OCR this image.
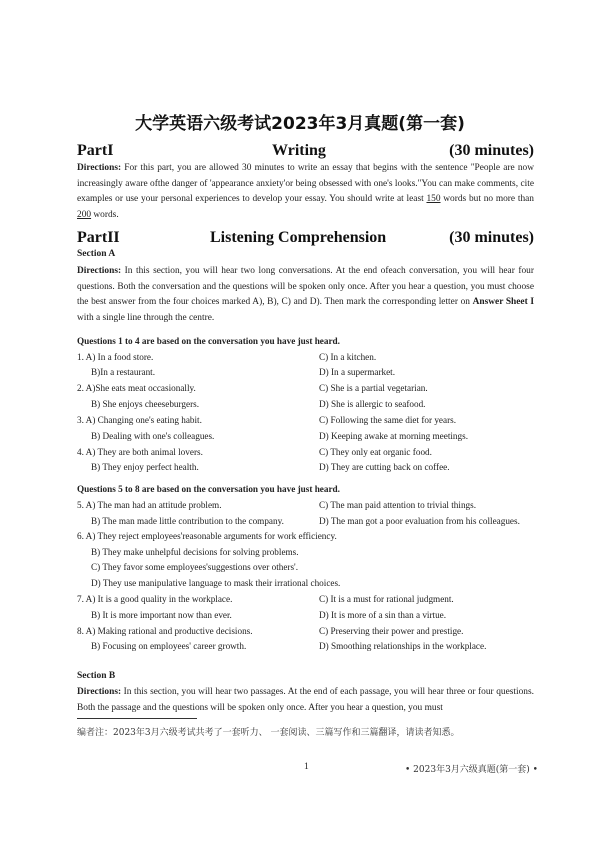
大学英语六级考试2023年3月真题(第一套)
PartI	Writing	(30 minutes)
Directions: For this part, you are allowed 30 minutes to write an essay that begins with the sentence "People are now increasingly aware ofthe danger of 'appearance anxiety'or being obsessed with one's looks."You can make comments, cite examples or use your personal experiences to develop your essay. You should write at least 150 words but no more than 200 words.
PartII	Listening Comprehension	(30 minutes)
Section A
Directions: In this section, you will hear two long conversations. At the end ofeach conversation, you will hear four questions. Both the conversation and the questions will be spoken only once. After you hear a question, you must choose the best answer from the four choices marked A), B), C) and D). Then mark the corresponding letter on Answer Sheet I with a single line through the centre.
Questions 1 to 4 are based on the conversation you have just heard.
1. A) In a food store.
B)In a restaurant.
C) In a kitchen.
D) In a supermarket.
2. A)She eats meat occasionally.
B) She enjoys cheeseburgers.
C) She is a partial vegetarian.
D) She is allergic to seafood.
3. A) Changing one's eating habit.
B) Dealing with one's colleagues.
C) Following the same diet for years.
D) Keeping awake at morning meetings.
4. A) They are both animal lovers.
B) They enjoy perfect health.
C) They only eat organic food.
D) They are cutting back on coffee.
Questions 5 to 8 are based on the conversation you have just heard.
5. A) The man had an attitude problem.	C) The man paid attention to trivial things.
B) The man made little contribution to the company.	D) The man got a poor evaluation from his colleagues.
6. A) They reject employees'reasonable arguments for work efficiency.
B) They make unhelpful decisions for solving problems.
C) They favor some employees'suggestions over others'.
D) They use manipulative language to mask their irrational choices.
7. A) It is a good quality in the workplace.
B) It is more important now than ever.
C) It is a must for rational judgment.
D) It is more of a sin than a virtue.
8. A) Making rational and productive decisions.
B) Focusing on employees' career growth.
C) Preserving their power and prestige.
D) Smoothing relationships in the workplace.
Section B
Directions: In this section, you will hear two passages. At the end of each passage, you will hear three or four questions. Both the passage and the questions will be spoken only once. After you hear a question, you must
编者注：2023年3月六级考试共考了一套听力、 一套阅读、三篇写作和三篇翻译，请读者知悉。
1	• 2023年3月六级真题(第一套) •
